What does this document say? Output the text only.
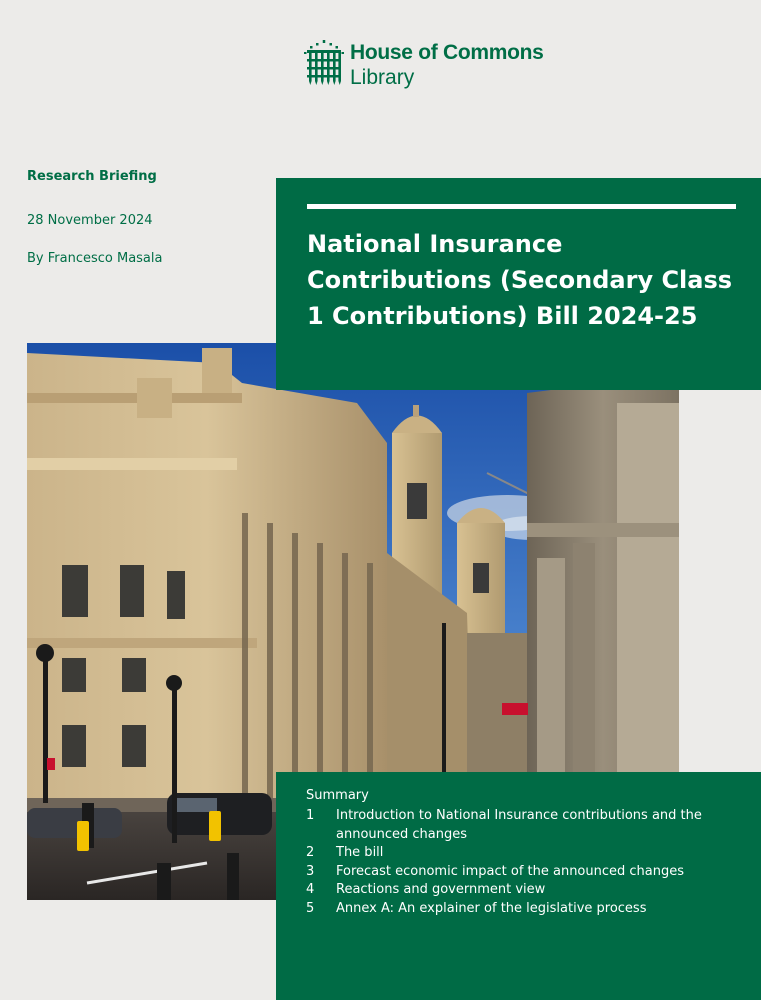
House of Commons
Library
Research Briefing
28 November 2024
By Francesco Masala
National Insurance Contributions (Secondary Class 1 Contributions) Bill 2024-25
Summary
1	Introduction to National Insurance contributions and the announced changes
2	The bill
3	Forecast economic impact of the announced changes
4	Reactions and government view
5	Annex A: An explainer of the legislative process
